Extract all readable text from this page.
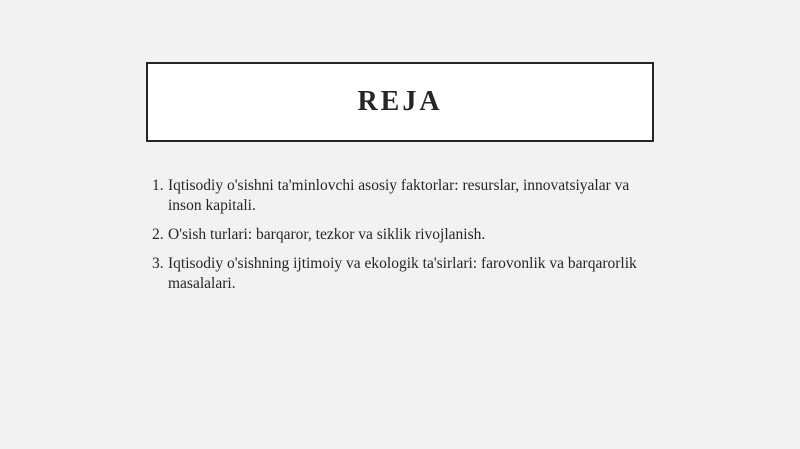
REJA
1. Iqtisodiy o'sishni ta'minlovchi asosiy faktorlar: resurslar, innovatsiyalar va inson kapitali.
2. O'sish turlari: barqaror, tezkor va siklik rivojlanish.
3. Iqtisodiy o'sishning ijtimoiy va ekologik ta'sirlari: farovonlik va barqarorlik masalalari.
